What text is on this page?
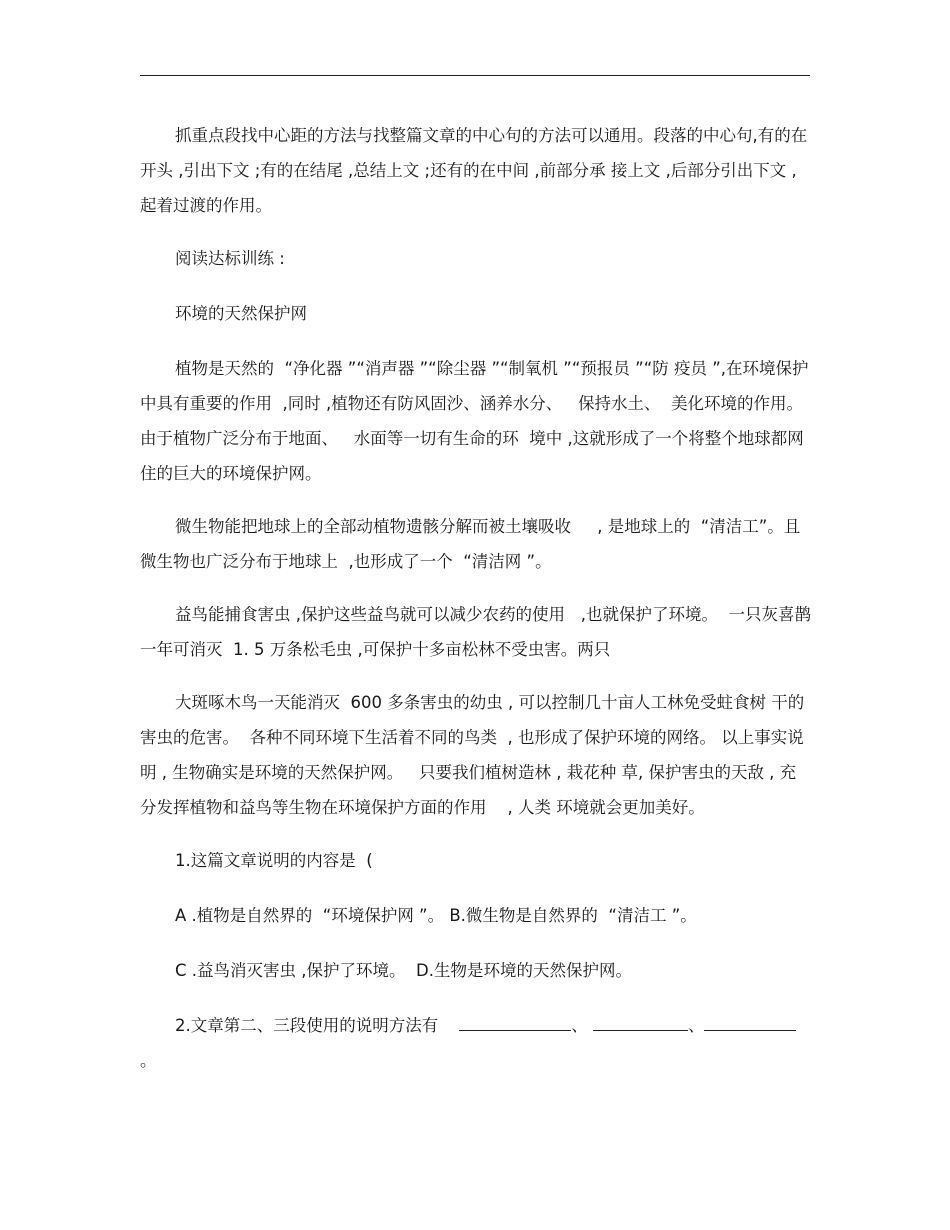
抓重点段找中心距的方法与找整篇文章的中心句的方法可以通用。段落的中心句,有的在开头 ,引出下文 ;有的在结尾 ,总结上文 ;还有的在中间 ,前部分承 接上文 ,后部分引出下文 ,起着过渡的作用。

阅读达标训练 :

环境的天然保护网

植物是天然的  “净化器 ”“消声器 ”“除尘器 ”“制氧机 ”“预报员 ”“防 疫员 ”,在环境保护中具有重要的作用  ,同时 ,植物还有防风固沙、涵养水分、   保持水土、  美化环境的作用。 由于植物广泛分布于地面、   水面等一切有生命的环  境中 ,这就形成了一个将整个地球都网住的巨大的环境保护网。

微生物能把地球上的全部动植物遗骸分解而被土壤吸收     , 是地球上的  “清洁工”。且微生物也广泛分布于地球上  ,也形成了一个  “清洁网 ”。

益鸟能捕食害虫 ,保护这些益鸟就可以减少农药的使用   ,也就保护了环境。  一只灰喜鹊一年可消灭  1. 5 万条松毛虫 ,可保护十多亩松林不受虫害。两只

大斑啄木鸟一天能消灭  600 多条害虫的幼虫 , 可以控制几十亩人工林免受蛀食树 干的害虫的危害。  各种不同环境下生活着不同的鸟类  , 也形成了保护环境的网络。 以上事实说明 , 生物确实是环境的天然保护网。   只要我们植树造林 , 栽花种 草, 保护害虫的天敌 , 充分发挥植物和益鸟等生物在环境保护方面的作用    , 人类 环境就会更加美好。

1.这篇文章说明的内容是  (

A .植物是自然界的  “环境保护网 ”。 B.微生物是自然界的  “清洁工 ”。

C .益鸟消灭害虫 ,保护了环境。  D.生物是环境的天然保护网。

2.文章第二、三段使用的说明方法有	、	、。
